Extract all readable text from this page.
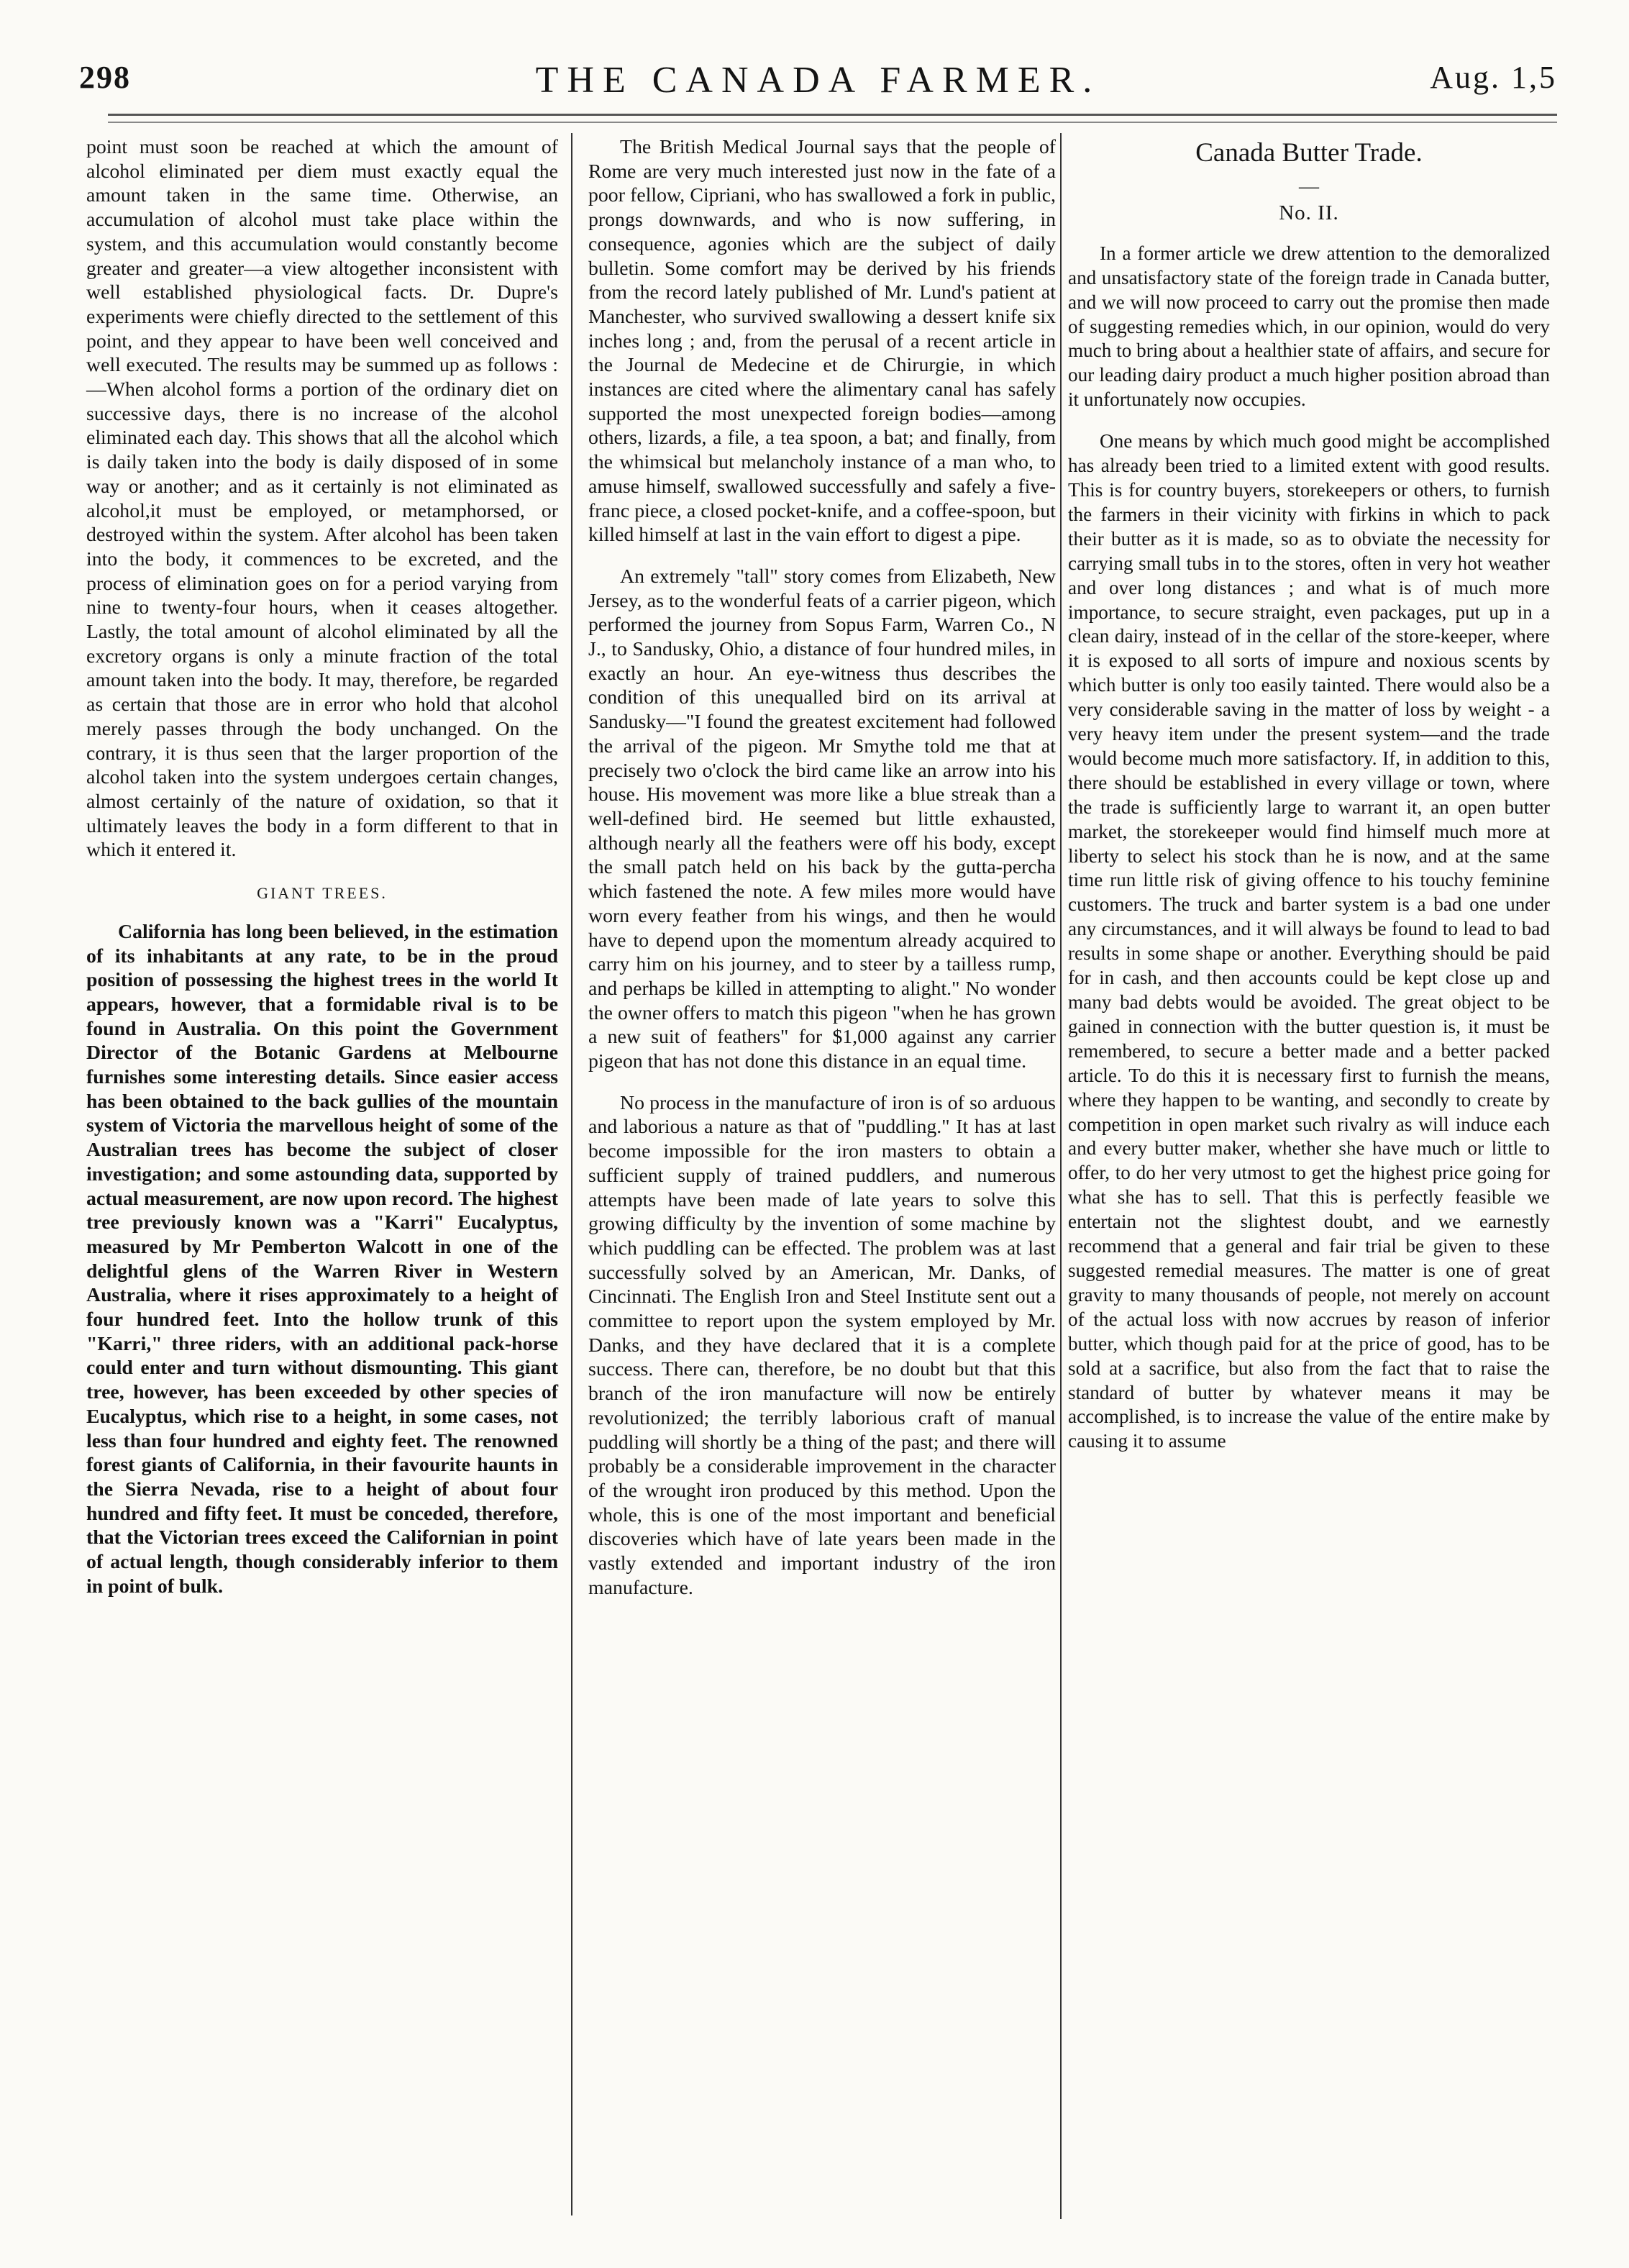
298	THE CANADA FARMER.	Aug. 1,5

point must soon be reached at which the amount of alcohol eliminated per diem must exactly equal the amount taken in the same time. Otherwise, an accumulation of alcohol must take place within the system, and this accumulation would constantly become greater and greater—a view altogether inconsistent with well established physiological facts. Dr. Dupre's experiments were chiefly directed to the settlement of this point, and they appear to have been well conceived and well executed. The results may be summed up as follows :—When alcohol forms a portion of the ordinary diet on successive days, there is no increase of the alcohol eliminated each day. This shows that all the alcohol which is daily taken into the body is daily disposed of in some way or another; and as it certainly is not eliminated as alcohol,it must be employed, or metamphorsed, or destroyed within the system. After alcohol has been taken into the body, it commences to be excreted, and the process of elimination goes on for a period varying from nine to twenty-four hours, when it ceases altogether. Lastly, the total amount of alcohol eliminated by all the excretory organs is only a minute fraction of the total amount taken into the body. It may, therefore, be regarded as certain that those are in error who hold that alcohol merely passes through the body unchanged. On the contrary, it is thus seen that the larger proportion of the alcohol taken into the system undergoes certain changes, almost certainly of the nature of oxidation, so that it ultimately leaves the body in a form different to that in which it entered it.

GIANT TREES.

California has long been believed, in the estimation of its inhabitants at any rate, to be in the proud position of possessing the highest trees in the world It appears, however, that a formidable rival is to be found in Australia. On this point the Government Director of the Botanic Gardens at Melbourne furnishes some interesting details. Since easier access has been obtained to the back gullies of the mountain system of Victoria the marvellous height of some of the Australian trees has become the subject of closer investigation; and some astounding data, supported by actual measurement, are now upon record. The highest tree previously known was a "Karri" Eucalyptus, measured by Mr Pemberton Walcott in one of the delightful glens of the Warren River in Western Australia, where it rises approximately to a height of four hundred feet. Into the hollow trunk of this "Karri," three riders, with an additional pack-horse could enter and turn without dismounting. This giant tree, however, has been exceeded by other species of Eucalyptus, which rise to a height, in some cases, not less than four hundred and eighty feet. The renowned forest giants of California, in their favourite haunts in the Sierra Nevada, rise to a height of about four hundred and fifty feet. It must be conceded, therefore, that the Victorian trees exceed the Californian in point of actual length, though considerably inferior to them in point of bulk.

The British Medical Journal says that the people of Rome are very much interested just now in the fate of a poor fellow, Cipriani, who has swallowed a fork in public, prongs downwards, and who is now suffering, in consequence, agonies which are the subject of daily bulletin. Some comfort may be derived by his friends from the record lately published of Mr. Lund's patient at Manchester, who survived swallowing a dessert knife six inches long ; and, from the perusal of a recent article in the Journal de Medecine et de Chirurgie, in which instances are cited where the alimentary canal has safely supported the most unexpected foreign bodies—among others, lizards, a file, a tea spoon, a bat; and finally, from the whimsical but melancholy instance of a man who, to amuse himself, swallowed successfully and safely a five-franc piece, a closed pocket-knife, and a coffee-spoon, but killed himself at last in the vain effort to digest a pipe.

An extremely "tall" story comes from Elizabeth, New Jersey, as to the wonderful feats of a carrier pigeon, which performed the journey from Sopus Farm, Warren Co., N J., to Sandusky, Ohio, a distance of four hundred miles, in exactly an hour. An eye-witness thus describes the condition of this unequalled bird on its arrival at Sandusky—"I found the greatest excitement had followed the arrival of the pigeon. Mr Smythe told me that at precisely two o'clock the bird came like an arrow into his house. His movement was more like a blue streak than a well-defined bird. He seemed but little exhausted, although nearly all the feathers were off his body, except the small patch held on his back by the gutta-percha which fastened the note. A few miles more would have worn every feather from his wings, and then he would have to depend upon the momentum already acquired to carry him on his journey, and to steer by a tailless rump, and perhaps be killed in attempting to alight." No wonder the owner offers to match this pigeon "when he has grown a new suit of feathers" for $1,000 against any carrier pigeon that has not done this distance in an equal time.

No process in the manufacture of iron is of so arduous and laborious a nature as that of "puddling." It has at last become impossible for the iron masters to obtain a sufficient supply of trained puddlers, and numerous attempts have been made of late years to solve this growing difficulty by the invention of some machine by which puddling can be effected. The problem was at last successfully solved by an American, Mr. Danks, of Cincinnati. The English Iron and Steel Institute sent out a committee to report upon the system employed by Mr. Danks, and they have declared that it is a complete success. There can, therefore, be no doubt but that this branch of the iron manufacture will now be entirely revolutionized; the terribly laborious craft of manual puddling will shortly be a thing of the past; and there will probably be a considerable improvement in the character of the wrought iron produced by this method. Upon the whole, this is one of the most important and beneficial discoveries which have of late years been made in the vastly extended and important industry of the iron manufacture.

Canada Butter Trade.
—
No. II.

In a former article we drew attention to the demoralized and unsatisfactory state of the foreign trade in Canada butter, and we will now proceed to carry out the promise then made of suggesting remedies which, in our opinion, would do very much to bring about a healthier state of affairs, and secure for our leading dairy product a much higher position abroad than it unfortunately now occupies.

One means by which much good might be accomplished has already been tried to a limited extent with good results. This is for country buyers, storekeepers or others, to furnish the farmers in their vicinity with firkins in which to pack their butter as it is made, so as to obviate the necessity for carrying small tubs in to the stores, often in very hot weather and over long distances ; and what is of much more importance, to secure straight, even packages, put up in a clean dairy, instead of in the cellar of the store-keeper, where it is exposed to all sorts of impure and noxious scents by which butter is only too easily tainted. There would also be a very considerable saving in the matter of loss by weight - a very heavy item under the present system—and the trade would become much more satisfactory. If, in addition to this, there should be established in every village or town, where the trade is sufficiently large to warrant it, an open butter market, the storekeeper would find himself much more at liberty to select his stock than he is now, and at the same time run little risk of giving offence to his touchy feminine customers. The truck and barter system is a bad one under any circumstances, and it will always be found to lead to bad results in some shape or another. Everything should be paid for in cash, and then accounts could be kept close up and many bad debts would be avoided. The great object to be gained in connection with the butter question is, it must be remembered, to secure a better made and a better packed article. To do this it is necessary first to furnish the means, where they happen to be wanting, and secondly to create by competition in open market such rivalry as will induce each and every butter maker, whether she have much or little to offer, to do her very utmost to get the highest price going for what she has to sell. That this is perfectly feasible we entertain not the slightest doubt, and we earnestly recommend that a general and fair trial be given to these suggested remedial measures. The matter is one of great gravity to many thousands of people, not merely on account of the actual loss with now accrues by reason of inferior butter, which though paid for at the price of good, has to be sold at a sacrifice, but also from the fact that to raise the standard of butter by whatever means it may be accomplished, is to increase the value of the entire make by causing it to assume
